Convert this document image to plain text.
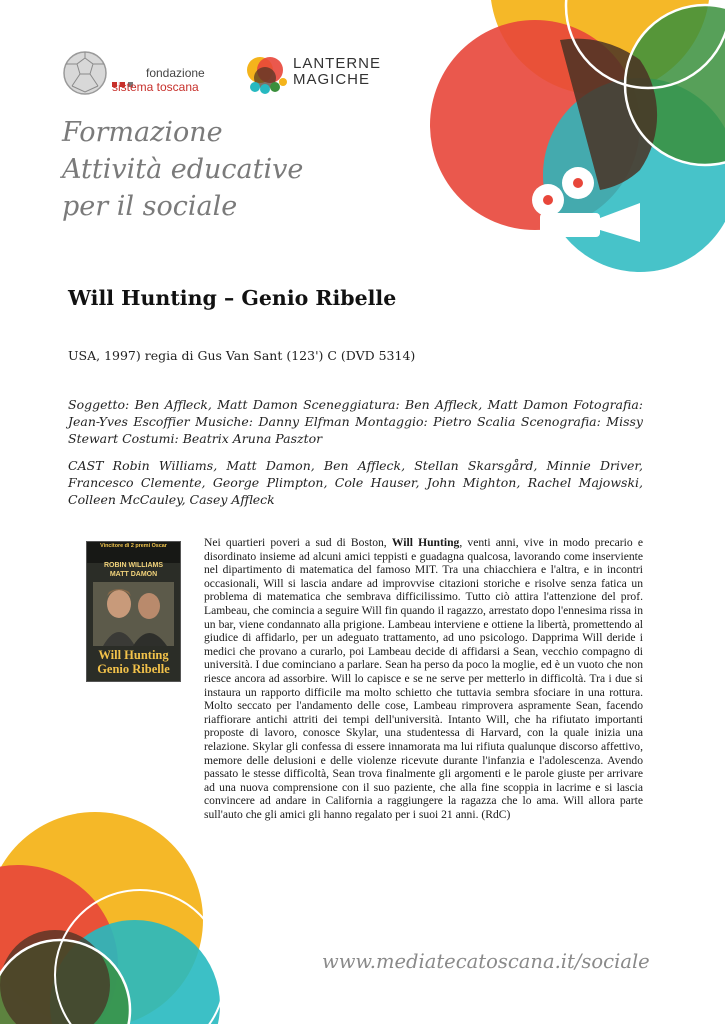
fondazione
sistema toscana
LANTERNE
MAGICHE
Formazione
Attività educative
per il sociale
Will Hunting – Genio Ribelle
USA, 1997) regia di Gus Van Sant (123') C (DVD 5314)
Soggetto: Ben Affleck, Matt Damon Sceneggiatura: Ben Affleck, Matt Damon Fotografia: Jean-Yves Escoffier Musiche: Danny Elfman Montaggio: Pietro Scalia Scenografia: Missy Stewart Costumi: Beatrix Aruna Pasztor
CAST Robin Williams, Matt Damon, Ben Affleck, Stellan Skarsgård, Minnie Driver, Francesco Clemente, George Plimpton, Cole Hauser, John Mighton, Rachel Majowski, Colleen McCauley, Casey Affleck
Vincitore di 2 premi Oscar
ROBIN WILLIAMS
MATT DAMON
Will Hunting
Genio Ribelle
Nei quartieri poveri a sud di Boston, Will Hunting, venti anni, vive in modo precario e disordinato insieme ad alcuni amici teppisti e guadagna qualcosa, lavorando come inserviente nel dipartimento di matematica del famoso MIT. Tra una chiacchiera e l'altra, e in incontri occasionali, Will si lascia andare ad improvvise citazioni storiche e risolve senza fatica un problema di matematica che sembrava difficilissimo. Tutto ciò attira l'attenzione del prof. Lambeau, che comincia a seguire Will fin quando il ragazzo, arrestato dopo l'ennesima rissa in un bar, viene condannato alla prigione. Lambeau interviene e ottiene la libertà, promettendo al giudice di affidarlo, per un adeguato trattamento, ad uno psicologo. Dapprima Will deride i medici che provano a curarlo, poi Lambeau decide di affidarsi a Sean, vecchio compagno di università. I due cominciano a parlare. Sean ha perso da poco la moglie, ed è un vuoto che non riesce ancora ad assorbire. Will lo capisce e se ne serve per metterlo in difficoltà. Tra i due si instaura un rapporto difficile ma molto schietto che tuttavia sembra sfociare in una rottura. Molto seccato per l'andamento delle cose, Lambeau rimprovera aspramente Sean, facendo riaffiorare antichi attriti dei tempi dell'università. Intanto Will, che ha rifiutato importanti proposte di lavoro, conosce Skylar, una studentessa di Harvard, con la quale inizia una relazione. Skylar gli confessa di essere innamorata ma lui rifiuta qualunque discorso affettivo, memore delle delusioni e delle violenze ricevute durante l'infanzia e l'adolescenza. Avendo passato le stesse difficoltà, Sean trova finalmente gli argomenti e le parole giuste per arrivare ad una nuova comprensione con il suo paziente, che alla fine scoppia in lacrime e si lascia convincere ad andare in California a raggiungere la ragazza che lo ama. Will allora parte sull'auto che gli amici gli hanno regalato per i suoi 21 anni. (RdC)
www.mediatecatoscana.it/sociale
